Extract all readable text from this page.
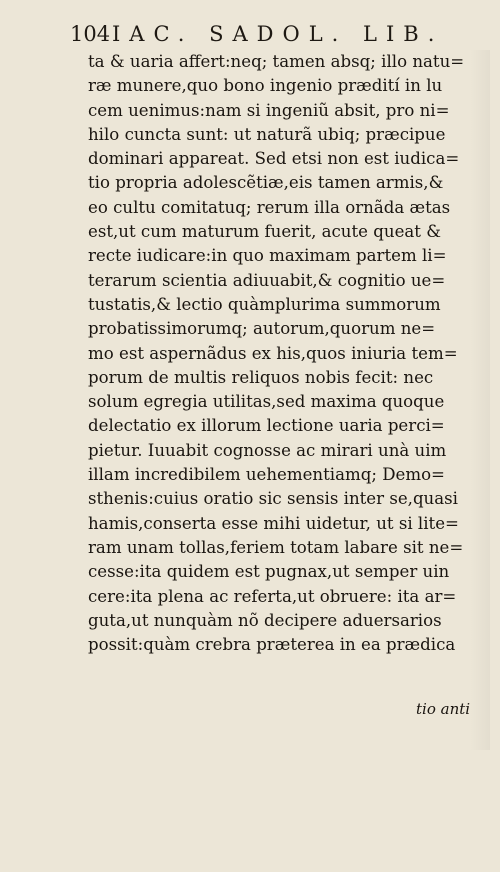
104 IAC. SADOL. LIB.
ta & uaria affert:neq; tamen absq; illo natu=
ræ munere,quo bono ingenio prædití in lu
cem uenimus:nam si ingeniũ absit, pro ni=
hilo cuncta sunt: ut naturã ubiq; præcipue
dominari appareat. Sed etsi non est iudica=
tio propria adolescẽtiæ,eis tamen armis,&
eo cultu comitatuq; rerum illa ornãda ætas
est,ut cum maturum fuerit, acute queat &
recte iudicare:in quo maximam partem li=
terarum scientia adiuuabit,& cognitio ue=
tustatis,& lectio quàmplurima summorum
probatissimorumq; autorum,quorum ne=
mo est aspernãdus ex his,quos iniuria tem=
porum de multis reliquos nobis fecit: nec
solum egregia utilitas,sed maxima quoque
delectatio ex illorum lectione uaria perci=
pietur. Iuuabit cognosse ac mirari unà uim
illam incredibilem uehementiamq; Demo=
sthenis:cuius oratio sic sensis inter se,quasi
hamis,conserta esse mihi uidetur, ut si lite=
ram unam tollas,feriem totam labare sit ne=
cesse:ita quidem est pugnax,ut semper uin
cere:ita plena ac referta,ut obruere: ita ar=
guta,ut nunquàm nõ decipere aduersarios
possit:quàm crebra præterea in ea prædica
tio anti
